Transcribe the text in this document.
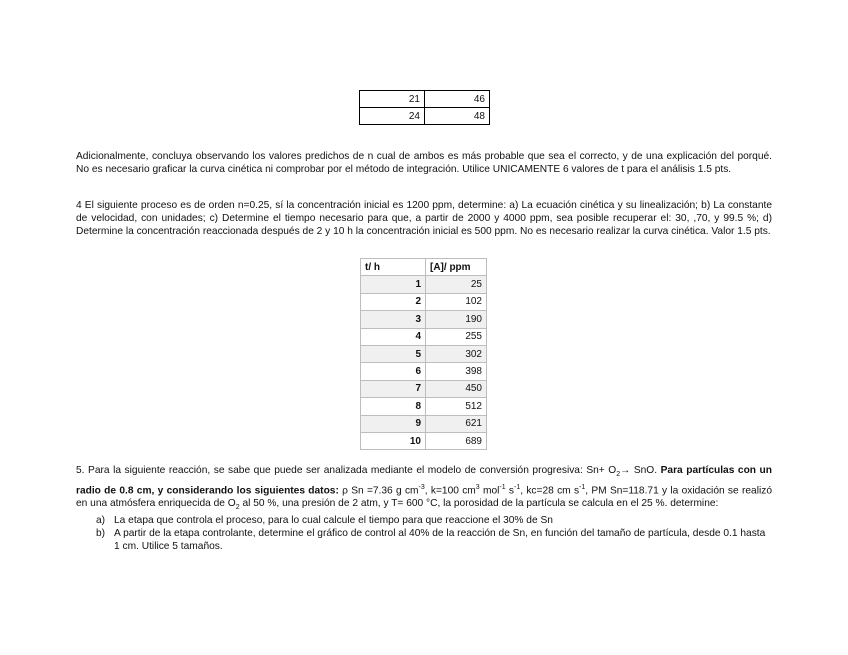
21	46
24	48
Adicionalmente, concluya observando los valores predichos de n cual de ambos es más probable que sea el correcto, y de una explicación del porqué. No es necesario graficar la curva cinética ni comprobar por el método de integración. Utilice UNICAMENTE 6 valores de t para el análisis 1.5 pts.
4 El siguiente proceso es de orden n=0.25, sí la concentración inicial es 1200 ppm, determine: a) La ecuación cinética y su linealización; b) La constante de velocidad, con unidades; c) Determine el tiempo necesario para que, a partir de 2000 y 4000 ppm, sea posible recuperar el: 30, ,70, y 99.5 %; d) Determine la concentración reaccionada después de 2 y 10 h la concentración inicial es 500 ppm. No es necesario realizar la curva cinética. Valor 1.5 pts.
t/ h	[A]/ ppm
1	25
2	102
3	190
4	255
5	302
6	398
7	450
8	512
9	621
10	689
5. Para la siguiente reacción, se sabe que puede ser analizada mediante el modelo de conversión progresiva: $Sn+ O_2\to$ SnO. Para partículas con un radio de 0.8 cm, y considerando los siguientes datos: ρ Sn =7.36 g $cm^{-3}$, k=100 $cm^3$ mol$^{-1}$ $s^{-1}$, kc=28 cm $s^{-1}$, PM Sn=118.71 y la oxidación se realizó en una atmósfera enriquecida de $O_2$ al 50 %, una presión de 2 atm, y T= 600 °C, la porosidad de la partícula se calcula en el 25 %. determine:
a) La etapa que controla el proceso, para lo cual calcule el tiempo para que reaccione el 30% de Sn
b) A partir de la etapa controlante, determine el gráfico de control al 40% de la reacción de Sn, en función del tamaño de partícula, desde 0.1 hasta 1 cm. Utilice 5 tamaños.
